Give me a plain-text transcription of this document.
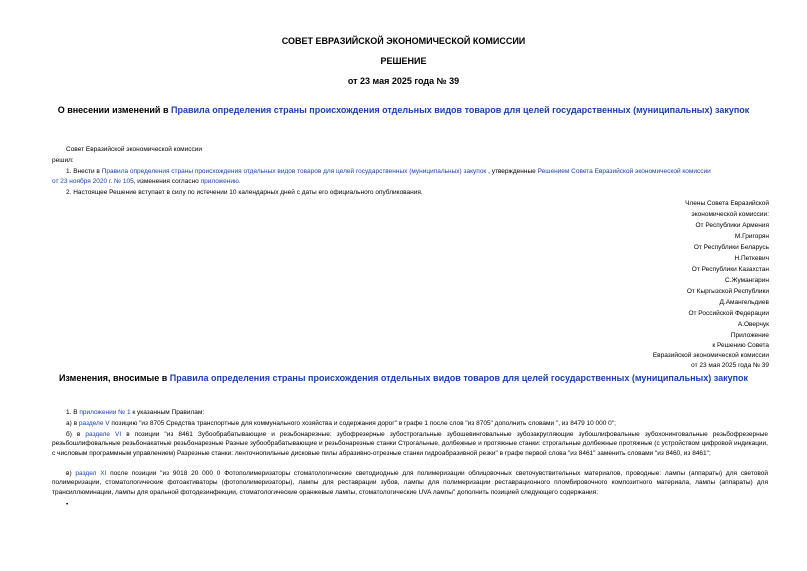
СОВЕТ ЕВРАЗИЙСКОЙ ЭКОНОМИЧЕСКОЙ КОМИССИИ
РЕШЕНИЕ
от 23 мая 2025 года № 39
О внесении изменений в Правила определения страны происхождения отдельных видов товаров для целей государственных (муниципальных) закупок
Совет Евразийской экономической комиссии
решил:
1. Внести в Правила определения страны происхождения отдельных видов товаров для целей государственных (муниципальных) закупок , утвержденные Решением Совета Евразийской экономической комиссии
от 23 ноября 2020 г. № 105, изменения согласно приложению.
2. Настоящее Решение вступает в силу по истечении 10 календарных дней с даты его официального опубликования.
Члены Совета Евразийской
экономической комиссии:
От Республики Армения
М.Григорян
От Республики Беларусь
Н.Петкевич
От Республики Казахстан
С.Жумангарин
От Кыргызской Республики
Д.Амангельдиев
От Российской Федерации
А.Оверчук
Приложение
к Решению Совета
Евразийской экономической комиссии
от 23 мая 2025 года № 39
Изменения, вносимые в Правила определения страны происхождения отдельных видов товаров для целей государственных (муниципальных) закупок
1. В приложении № 1 к указанным Правилам:
а) в разделе V позицию "из 8705 Средства транспортные для коммунального хозяйства и содержания дорог" в графе 1 после слов "из 8705" дополнить словами ", из 8479 10 000 0";
б) в разделе VI в позиции "из 8461 Зубообрабатывающие и резьбонарезные: зубофрезерные зубострогальные зубошевинговальные зубозакругляющие зубошлифовальные зубохонинговальные резьбофрезерные резьбошлифовальные резьбонакатные резьбонарезные Разные зубообрабатывающие и резьбонарезные станки Строгальные, долбежные и протяжные станки: строгальные долбежные протяжные (с устройством цифровой индикации, с числовым программным управлением) Разрезные станки: ленточнопильные дисковые пилы абразивно-отрезные станки гидроабразивной резки" в графе первой слова "из 8461" заменить словами "из 8460, из 8461";
в) раздел XI после позиции "из 9018 20 000 0 Фотополимеризаторы стоматологические светодиодные для полимеризации облицовочных светочувствительных материалов, проводные: лампы (аппараты) для световой полимеризации, стоматологические фотоактиваторы (фотополимеризаторы), лампы для реставрации зубов, лампы для полимеризации реставрационного пломбировочного композитного материала, лампы (аппараты) для трансиллюминации, лампы для оральной фотодезинфекции, стоматологические оранжевые лампы, стоматологические UVA лампы" дополнить позицией следующего содержания:
•
